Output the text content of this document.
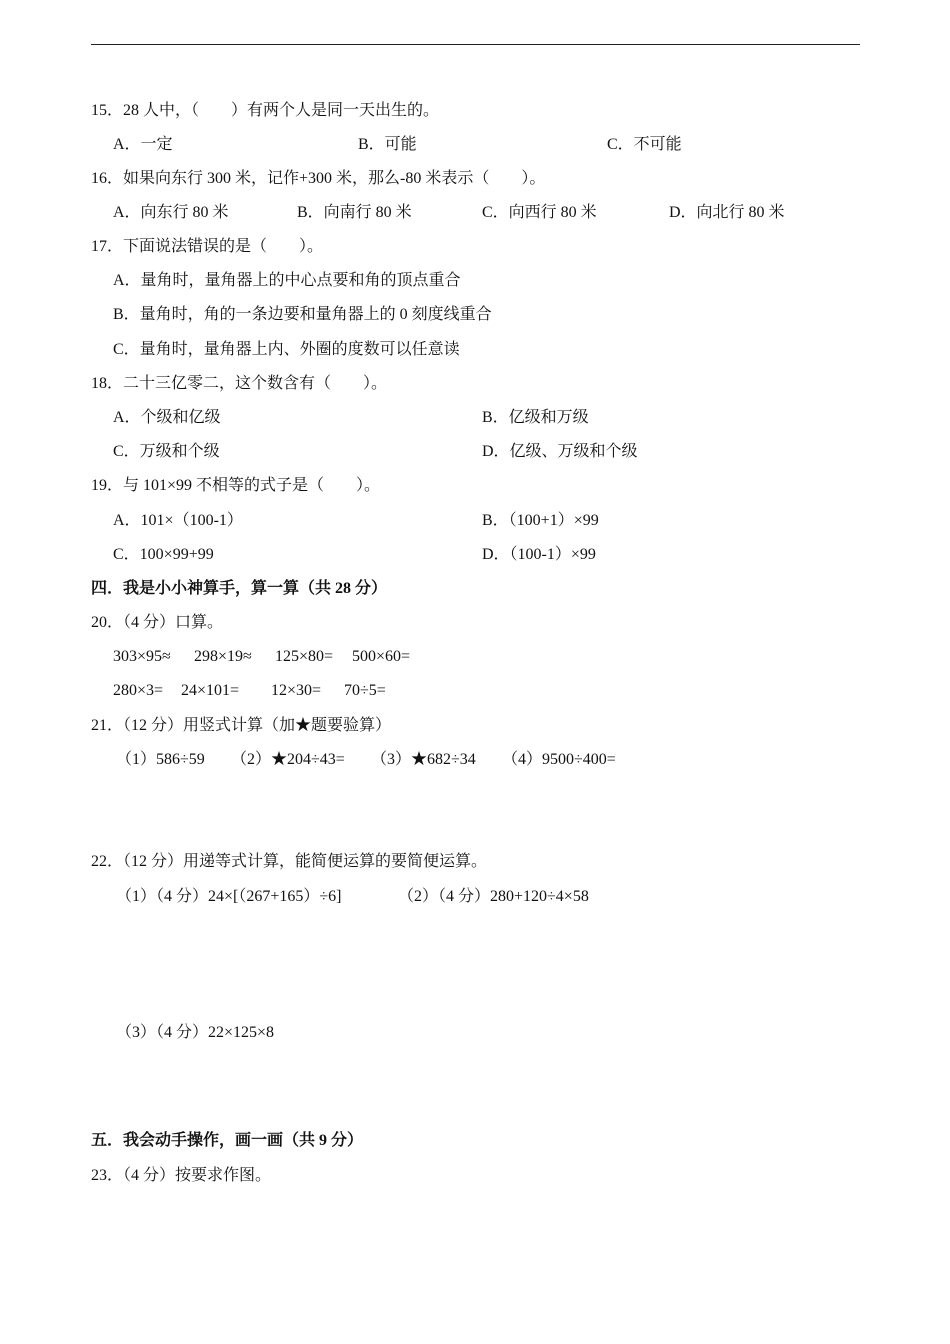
15．28 人中，（　　）有两个人是同一天出生的。
A．一定	B．可能	C．不可能
16．如果向东行 300 米，记作+300 米，那么-80 米表示（　　）。
A．向东行 80 米	B．向南行 80 米	C．向西行 80 米	D．向北行 80 米
17．下面说法错误的是（　　）。
A．量角时，量角器上的中心点要和角的顶点重合
B．量角时，角的一条边要和量角器上的 0 刻度线重合
C．量角时，量角器上内、外圈的度数可以任意读
18．二十三亿零二，这个数含有（　　）。
A．个级和亿级	B．亿级和万级
C．万级和个级	D．亿级、万级和个级
19．与 101×99 不相等的式子是（　　）。
A．101×（100-1）	B．（100+1）×99
C．100×99+99	D．（100-1）×99
四．我是小小神算手，算一算（共 28 分）
20．（4 分）口算。
303×95≈ 298×19≈ 125×80= 500×60=
280×3= 24×101= 12×30= 70÷5=
21．（12 分）用竖式计算（加★题要验算）
（1）586÷59 （2）★204÷43= （3）★682÷34 （4）9500÷400=
22．（12 分）用递等式计算，能简便运算的要简便运算。
（1）（4 分）24×[（267+165）÷6]	（2）（4 分）280+120÷4×58
（3）（4 分）22×125×8
五．我会动手操作，画一画（共 9 分）
23．（4 分）按要求作图。
